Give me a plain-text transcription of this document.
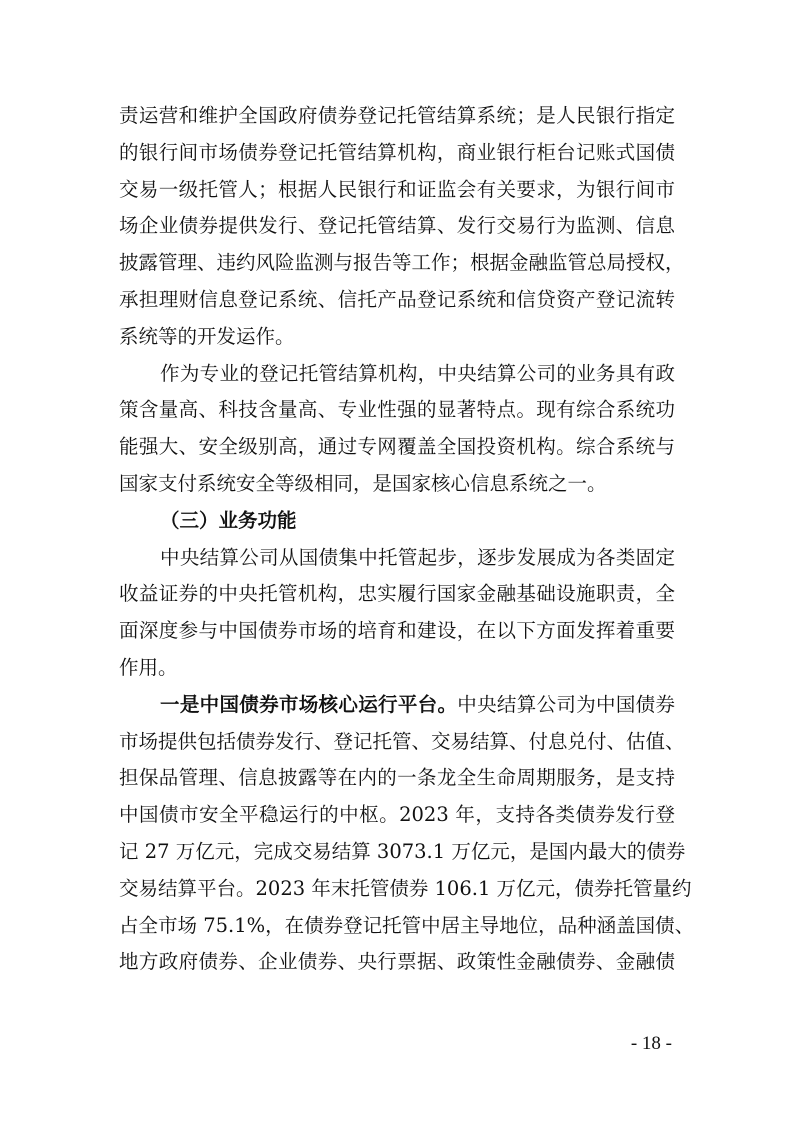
责运营和维护全国政府债券登记托管结算系统；是人民银行指定
的银行间市场债券登记托管结算机构，商业银行柜台记账式国债
交易一级托管人；根据人民银行和证监会有关要求，为银行间市
场企业债券提供发行、登记托管结算、发行交易行为监测、信息
披露管理、违约风险监测与报告等工作；根据金融监管总局授权，
承担理财信息登记系统、信托产品登记系统和信贷资产登记流转
系统等的开发运作。
作为专业的登记托管结算机构，中央结算公司的业务具有政
策含量高、科技含量高、专业性强的显著特点。现有综合系统功
能强大、安全级别高，通过专网覆盖全国投资机构。综合系统与
国家支付系统安全等级相同，是国家核心信息系统之一。
（三）业务功能
中央结算公司从国债集中托管起步，逐步发展成为各类固定
收益证券的中央托管机构，忠实履行国家金融基础设施职责，全
面深度参与中国债券市场的培育和建设，在以下方面发挥着重要
作用。
一是中国债券市场核心运行平台。中央结算公司为中国债券
市场提供包括债券发行、登记托管、交易结算、付息兑付、估值、
担保品管理、信息披露等在内的一条龙全生命周期服务，是支持
中国债市安全平稳运行的中枢。2023 年，支持各类债券发行登
记 27 万亿元，完成交易结算 3073.1 万亿元，是国内最大的债券
交易结算平台。2023 年末托管债券 106.1 万亿元，债券托管量约
占全市场 75.1%，在债券登记托管中居主导地位，品种涵盖国债、
地方政府债券、企业债券、央行票据、政策性金融债券、金融债
- 18 -
